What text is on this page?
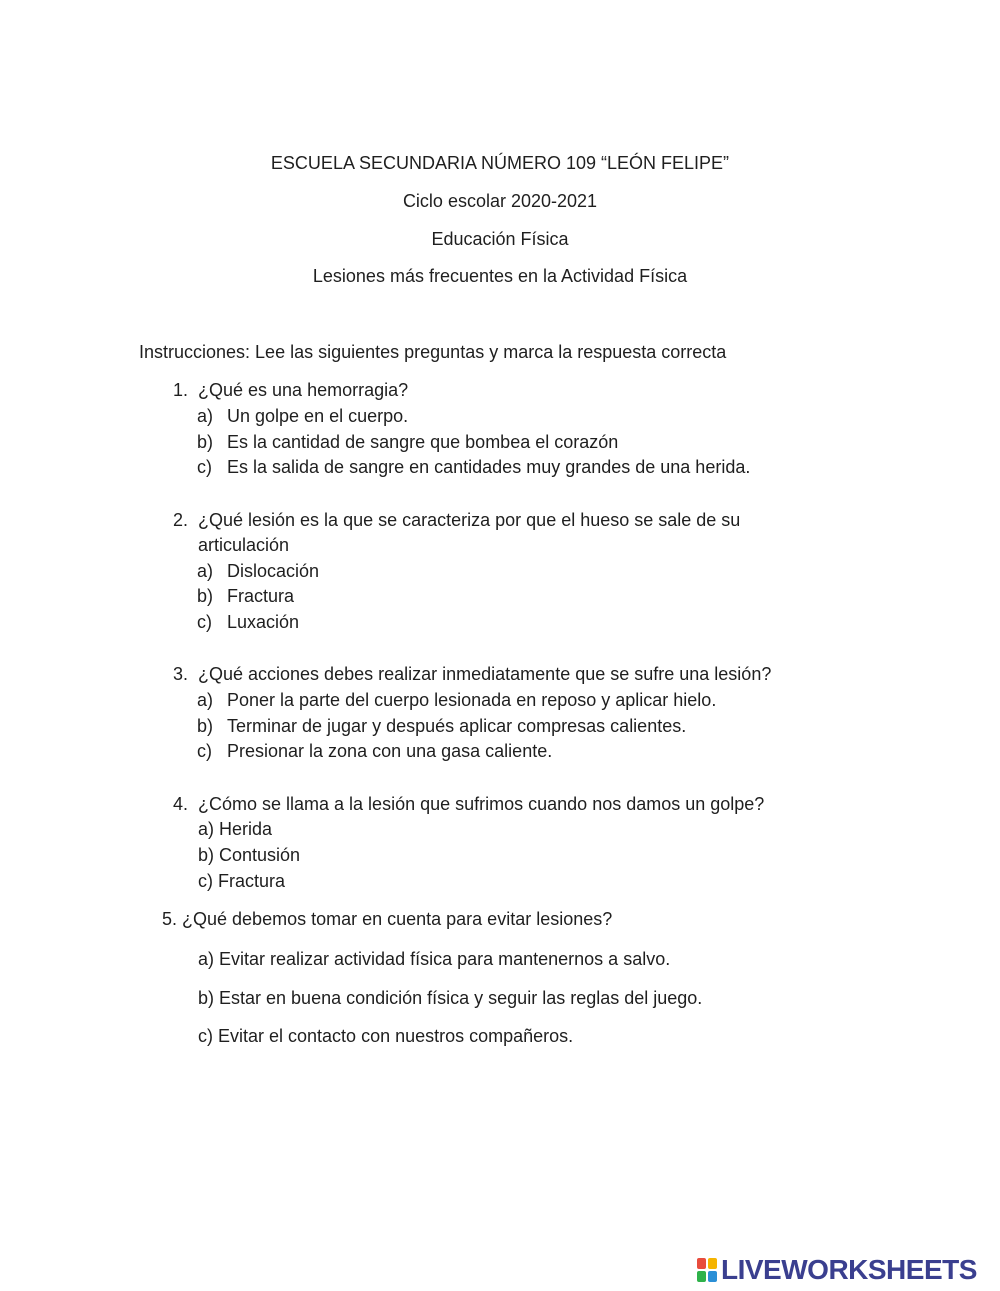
ESCUELA SECUNDARIA NÚMERO 109 “LEÓN FELIPE”
Ciclo escolar 2020-2021
Educación Física
Lesiones más frecuentes en la Actividad Física
Instrucciones: Lee las siguientes preguntas y marca la respuesta correcta
1. ¿Qué es una hemorragia?
a) Un golpe en el cuerpo.
b) Es la cantidad de sangre que bombea el corazón
c) Es la salida de sangre en cantidades muy grandes de una herida.
2. ¿Qué lesión es la que se caracteriza por que el hueso se sale de su
articulación
a) Dislocación
b) Fractura
c) Luxación
3. ¿Qué acciones debes realizar inmediatamente que se sufre una lesión?
a) Poner la parte del cuerpo lesionada en reposo y aplicar hielo.
b) Terminar de jugar y después aplicar compresas calientes.
c) Presionar la zona con una gasa caliente.
4. ¿Cómo se llama a la lesión que sufrimos cuando nos damos un golpe?
a) Herida
b) Contusión
c) Fractura
5. ¿Qué debemos tomar en cuenta para evitar lesiones?
a) Evitar realizar actividad física para mantenernos a salvo.
b) Estar en buena condición física y seguir las reglas del juego.
c) Evitar el contacto con nuestros compañeros.
LIVEWORKSHEETS
